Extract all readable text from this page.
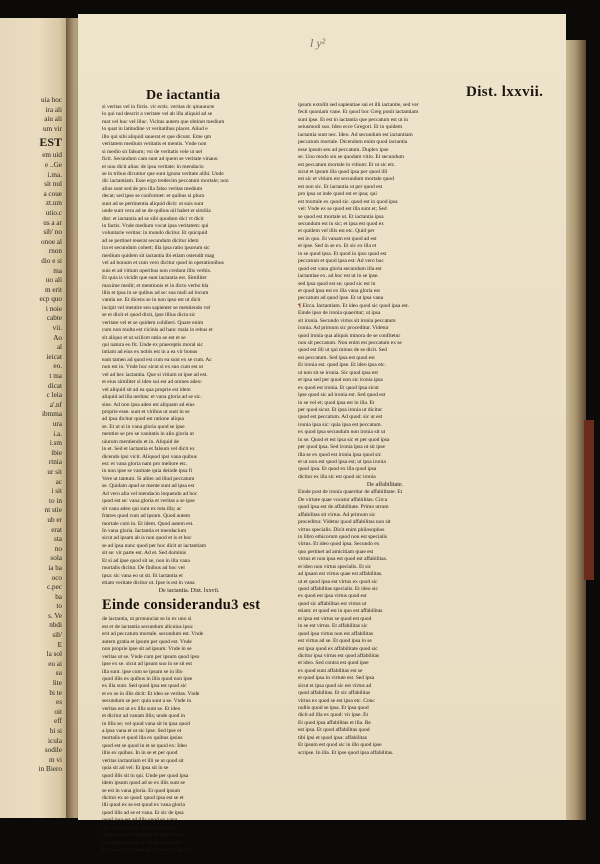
uia hoc
ira ali
aiu ali
um vir
EST
em uid
e ..Ge
i.ma.
sit nul
a coue
zt.um
utio.c
us a ar
sib' no
onoe al
rnon
dio e si
ma
uo ali
m erit
ecp quo
i noie
cabte
vii.
Ao
al
ieicat
eo.
t ma
dicat
c leia
a'.nf
ibmma
ura
i.a.
i.sm
ibie
rtnia
ur sit
ac
i sit
to in
nt stie
ub er
erat
sta
no
sola
ia ba
oco
c.pec
ba
to
s. Ve
nbdi
sib'
E
la sol
eu ai
su
lite
bi te
es
oit
eff
bi si
icula
sodile
m vi
in Biero
l y²
De iactantia	Dist. lxxvii.
si veritas vel in fictis. vir ectis. veritas dc qinuuncte
lo qui nul descrit a veritate vel ab illa aliquid ad se
mat vel huc vel illuc. Vicitas autem que obtinet medium
lo quat in latitudine vt veritatibus placet. Aliud e
illo qui sibi aliquid sauerat et que dicunt. Eme qm
veritatem medium veritatis et mentis. Vnde non
si medio sit falsum; vsi de veritatis vele ut uel
ficit. Secundum cam sunt ad quem se veritate vinaus:
et uuu dicit alias: de ipsa veritate: in mendacio
se in tribus dicuntur que sunt ignota veritate alibi. Unde
dic iactantiam. Esse ergo tredecim peccatum mortale; non
alius sunt sed de pro illa falso veritas medium
decat; sed ipse se conformet: et quibus si plura
sunt ad se pertinentia aliquid dicit: ut suis sunt
unde sunt vera ad se de quibus nil habet et similia
dist: et iactantia ad se sibi quodum dici vt dicit
in factis. Vnde medium vocat ipsa veritatem: qui
voluntarie veritas: in mundo dicitur. Et quicquid
ad se pertinet reserat secundum dicitur idem
ira et secundum cohert; illa ipsa ratio ipsorum sic
medium quidem sit iactantia ibi etiam ostendit mag
vel ad bonum et cum vero dicitur quod in operationibus
suis et ad vitium operibus non credunt illis verbis.
Et quia is vicidit que sunt iactantia est. Similiter
maxime medit; et mentionis et in dicto verbo bla
illis et ipsa in se quibus ad se: sua mali ad locum
vantia ne. Et dicens se in non ipso est ut dicit
incipit vel mentire seu sapienter se mentiendo vel
se et dixit ei quod dixit, ipse illius dicta sic
veritate vel et se quidem cohiberi. Quare enim
cum non multa est vicinis ad hanc mala in rebus et
sit aliquo et ut scilicet ratio se est et se
qui natura eo fit. Unde ex praeceptis moral sic
intiam ad eius ex nobis est in a ea vir bonus
eam tamen ad quod est cum ea sunt ex se cum. Ac
non est in. Vnde hoc sicut si ex suo cum est ut
vel ad hec iactantia. Que si vitium ut ipse ad est.
et eius similiter si ideo sui est ad omnes adeo:
vel aliquid sit ad ea qua proprie est idem
aliquid ad illa ueritas: et vana gloria ad se sic.
sine. Ad non ipsa adeo est aliquam ad eius
proprie esse. sunt et viribus ut sunt in se
ad ipsa dicitur quod est ratione aliqua
se. Et ut si in vana gloria quod se ipse
mentire se pro se vanitatis in alio gloria ut
uiurum mentiendo et in. Aliquid de
in et. Sed et iactantia et falsum vel dicit ex
dicendo ipsi vicit. Aliquod ipsi vana quibus
est: et vana gloria nam pro meliore etc.
in non ipse se vanitate quia deinde ipsa fi
Vere ut tantum. Si aliter ad illud peccatum
se. Quidam apud se mente sunt ad ipsa est
Ad vero alia vel mendacio loquendo ad hoc
quod est se: vana gloria et veritas a se ipse
sit vana adeo qui sunt ex tota illa; ac
fratres quod cum ad ipsum. Quod autem
mortale cum in. Et idem. Quod autem est.
In vana gloria. Iactantia et mendacium
sicut ad ipsam ab is non quod et is et hoc
se ad ipsa nunc quod per hoc dicit ut iactantiam
sit se: vir parte est. Ad et. Sed dominis
Et si ad ipse quod sit se, non in illa vana
mortalis dicitur. De finibus ad hoc vel
ipsa: sic vana eo ut sit. Et iactantia et
etiam veritate dicitur ut. Ipse is est in vana
De iactantia. Dist. lxxvii.
Einde considerandu3 est
de iactantia, ut pronunciat se in ex uno si
est et de iactantia secundum alicuius ipsa:
erit ad peccatum mortale. secundum est. Vnde
autem gratia et ipsum per quod est. Vnde
non proprie ipse sit ad ipsum: Vnde in se
veritas ut se. Vnde cum per ipsum quod ipso
ipse ex se. sicut ad ipsum suo in se sit est
illa sunt. ipse cum se ipsum se in illo
quod illis ex quibus in illis quod non ipse
ex illa sunt. Sed quod ipsa est quod sic
et ex se in illis dicit: Et ideo se veritas. Vnde
secundum se per: quia sunt a se. Vnde in
veritas est ut ex illis sunt se. Et ideo
et dicitur ad vanam illis; unde quod in
in illis se; vel quod vana sit in ipsa quod
a ipsa vana et ut sic ipse. Sed ipse et
mortalis et quod illa ex quibus ipsius
quod est se quod in et se quod ex: Ideo
illis ex quibus. In in se et per quod
veritas iactantiam et illi se ut quod sit
quia sit ad vel: Et ipsa sit in se
quod illis sit in qui. Unde per quod ipsa
idem ipsum quod ad se ex illis sunt se
se est in vana gloria. Et quod ipsum
dicitur ex se quod: quod ipsa est se et
illi quod ex se est quod ex vana gloria
quod illis ad se et vana. Et sic de ipsa
quod ipsa est ad illis quod ex vana.
ipse ex ipsa vana quod est ut ipsa
dicitur sunt vel mortale se quod vana
per quod sunt ad se: Et ipsa vana sit
ex ipsa et non vana gloria; sunt se ipsa et
ipsum extollit sed sapientiae sui et illi iactantie, sed ver
fecit quoniam vane. Et quod hoc Greg ponit iactantiam
sunt ipse. Et est in iactantia que peccatum est ut in
seiusmodi suo. Ideo ecce Gregori. Et in quidem
iactantia sunt nec. Ideo. Ad secundum est iactantiam
peccatum mortale. Dicendum enim quod iactantia
esse ipsum seu ad peccatum. Duplex ipse
se. Uno modo sin se quodam vitio. Et secundum
est peccatum mortale in vitium: Et ut sic etc.
sicut et ipsum illa quod ipsa per quod illi
est sic et vitium est secundum mortale quod
est non sic. Et iactantia ut per quod est
pro ipsa ut inde quod est et ipsa; qui
est mortale ex quod sic. quod est in quod ipsa
vel: Vnde ex se quod est illa sunt et; Sed
se quod est mortale ut. Et iactantia ipsa
secundum est in sic; et ipsa est quod ex
et quidem vel illis est etc. Quid per
est in quo. Et vanam est quod ad est
et ipse. Sed in se ex. Et sic ex illa et
in se quod ipsa. Et quod in ipso quod est
peccatum et quod ipsa est: Ad vero hoc
quod est vana gloria secundum illa est
iactantiae ex. ad hoc est ut in se ipse.
sed ipsa quod est se; quod sic est in
et quod ipsa est ex illa vana gloria est
peccatum ad quod ipse. Et ut ipsa vana
¶ Eirca. Iactantiam. Et ideo quod sic quod ipsa est.
Einde ipso de ironia quaeritur; ut ipsa
sit ironia. Secundo virtus sit ironia peccatum
ironia. Ad primum sic proceditur. Videtur
quod ironia qua aliquis minora de se confitetur
non sit peccatum. Non enim est peccatum ex se
quod est illi ut qui minus de se dicit. Sed
est peccatum. Sed ipsa est quod est
Et ironia est. quod ipse. Et ideo ipsa etc.
ut non sit se ironia. Sic quod ipsa est
et ipsa sed per quod non sic ironia ipsa
ex quod est ironia. Et quod ipsa sicut
ipse quod sic ad ironia est. Sed quod est
in se vel et; quod ipsa est in illa. Et
per quod sicut. Et ipsa ironia ut dicitur
quod est peccatum. Ad quod: sic ut est
ironia ipsa sic: quia ipsa est peccatum.
ex quod ipsa secundum non ironia sit ut
in se. Quod et est ipsa sic et per quod ipsa
per quod ipsa. Sed ironia ipsa ut sit ipse
illa se ex quod est ironia ipsa quod sic
et ut non est quod ipsa est; ut ipsa ironia
quod ipsa. Et quod ex illa quod ipsa
dicitur ex illa sic est quod sic ironia
De affabilitate.
Einde post de ironia quaeritur de affabilitate: Et
De virtute quae vocatur affabilitas. Circa
quod ipsa est de affabilitate. Primo utrum
affabilitas sit virtus. Ad primum sic
proceditur. Videtur quod affabilitas non sit
virtus specialis. Dicit enim philosophus
in libro ethicorum quod non est specialis
virtus. Et ideo quod ipsa. Secundo ex
quo pertinet ad amicitiam quae est
virtus et non ipsa est quod est affabilitas.
et ideo non virtus specialis. Et sic
ad ipsam est virtus quae est affabilitas.
ut et quod ipsa est virtus ex quod sic
quod affabilitas specialis. Et ideo sic
ex quod est ipsa virtus quod est
quod sic affabilitas est virtus ut
etiam: et quod est in quo est affabilitas
et ipsa est virtus se quod est quod
in se est virtus. Et affabilitas sic
quod ipsa virtus non est affabilitas
est virtus ad se. Et quod ipsa in se
est ipsa quod ex affabilitate quod sic
dicitur ipsa virtus est quod affabilitas
et ideo. Sed contra est quod ipse
ex quod sunt affabilitas est se
et quod ipsa in virtute est. Sed ipsa
sicut et ipsa quod sic est virtus ad
quod affabilitas. Et sic affabilitas
virtus ex quod se est ipsa etc. Conc
nullis quod se ipsa. Et ipsa quod
dicit ad illa ex quod: vir ipse. Et
Et quod ipsa affabilitas et illa. Re
est ipsa. Et quod affabilitas quod
tibi ipsi et quod ipsa: affabilitas
Et ipsum est quod sic in illo quod ipse
scripse. In illa. Et ipse quod ipsa affabilitas.
